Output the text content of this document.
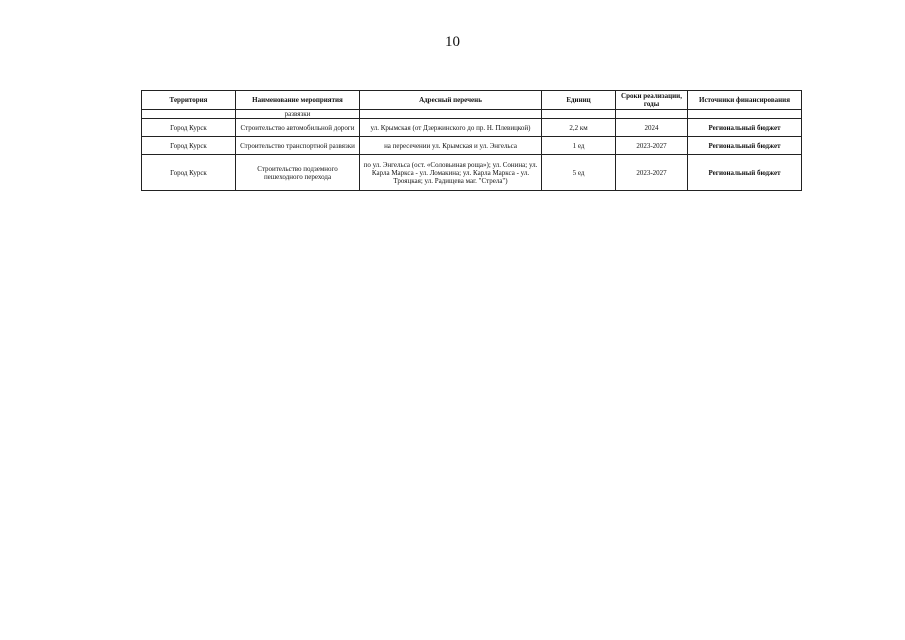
10
Территория	Наименование мероприятия	Адресный перечень	Единиц	Сроки реализации, годы	Источники финансирования
	развязки				
Город Курск	Строительство автомобильной дороги	ул. Крымская (от Дзержинского до пр. Н. Плевицкой)	2,2 км	2024	Региональный бюджет
Город Курск	Строительство транспортной развязки	на пересечении ул. Крымская и ул. Энгельса	1 ед	2023-2027	Региональный бюджет
Город Курск	Строительство подземного пешеходного перехода	по ул. Энгельса (ост. «Соловьиная роща»); ул. Сонина; ул. Карла Маркса - ул. Ломакина; ул. Карла Маркса - ул. Трояцкая; ул. Радищева маг. "Стрела")	5 ед	2023-2027	Региональный бюджет
